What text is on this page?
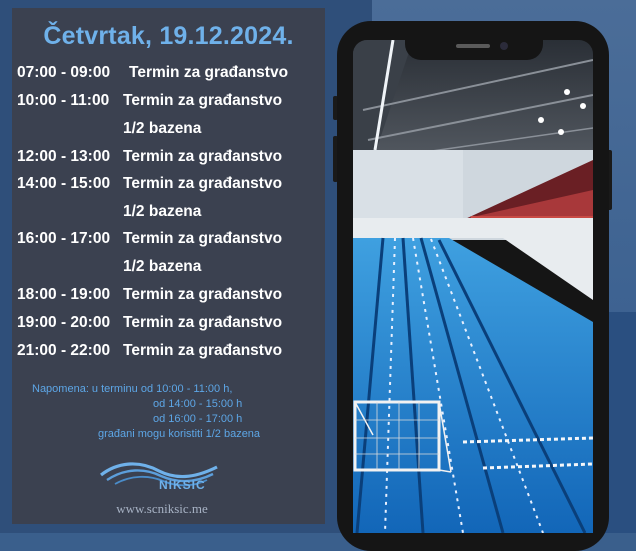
Četvrtak, 19.12.2024.
07:00 - 09:00 Termin za građanstvo
10:00 - 11:00 Termin za građanstvo
1/2 bazena
12:00 - 13:00 Termin za građanstvo
14:00 - 15:00 Termin za građanstvo
1/2 bazena
16:00 - 17:00 Termin za građanstvo
1/2 bazena
18:00 - 19:00 Termin za građanstvo
19:00 - 20:00 Termin za građanstvo
21:00 - 22:00 Termin za građanstvo
Napomena: u terminu od 10:00 - 11:00 h,
od 14:00 - 15:00 h
od 16:00 - 17:00 h
građani mogu koristiti 1/2 bazena
NIKSIC
www.scniksic.me
